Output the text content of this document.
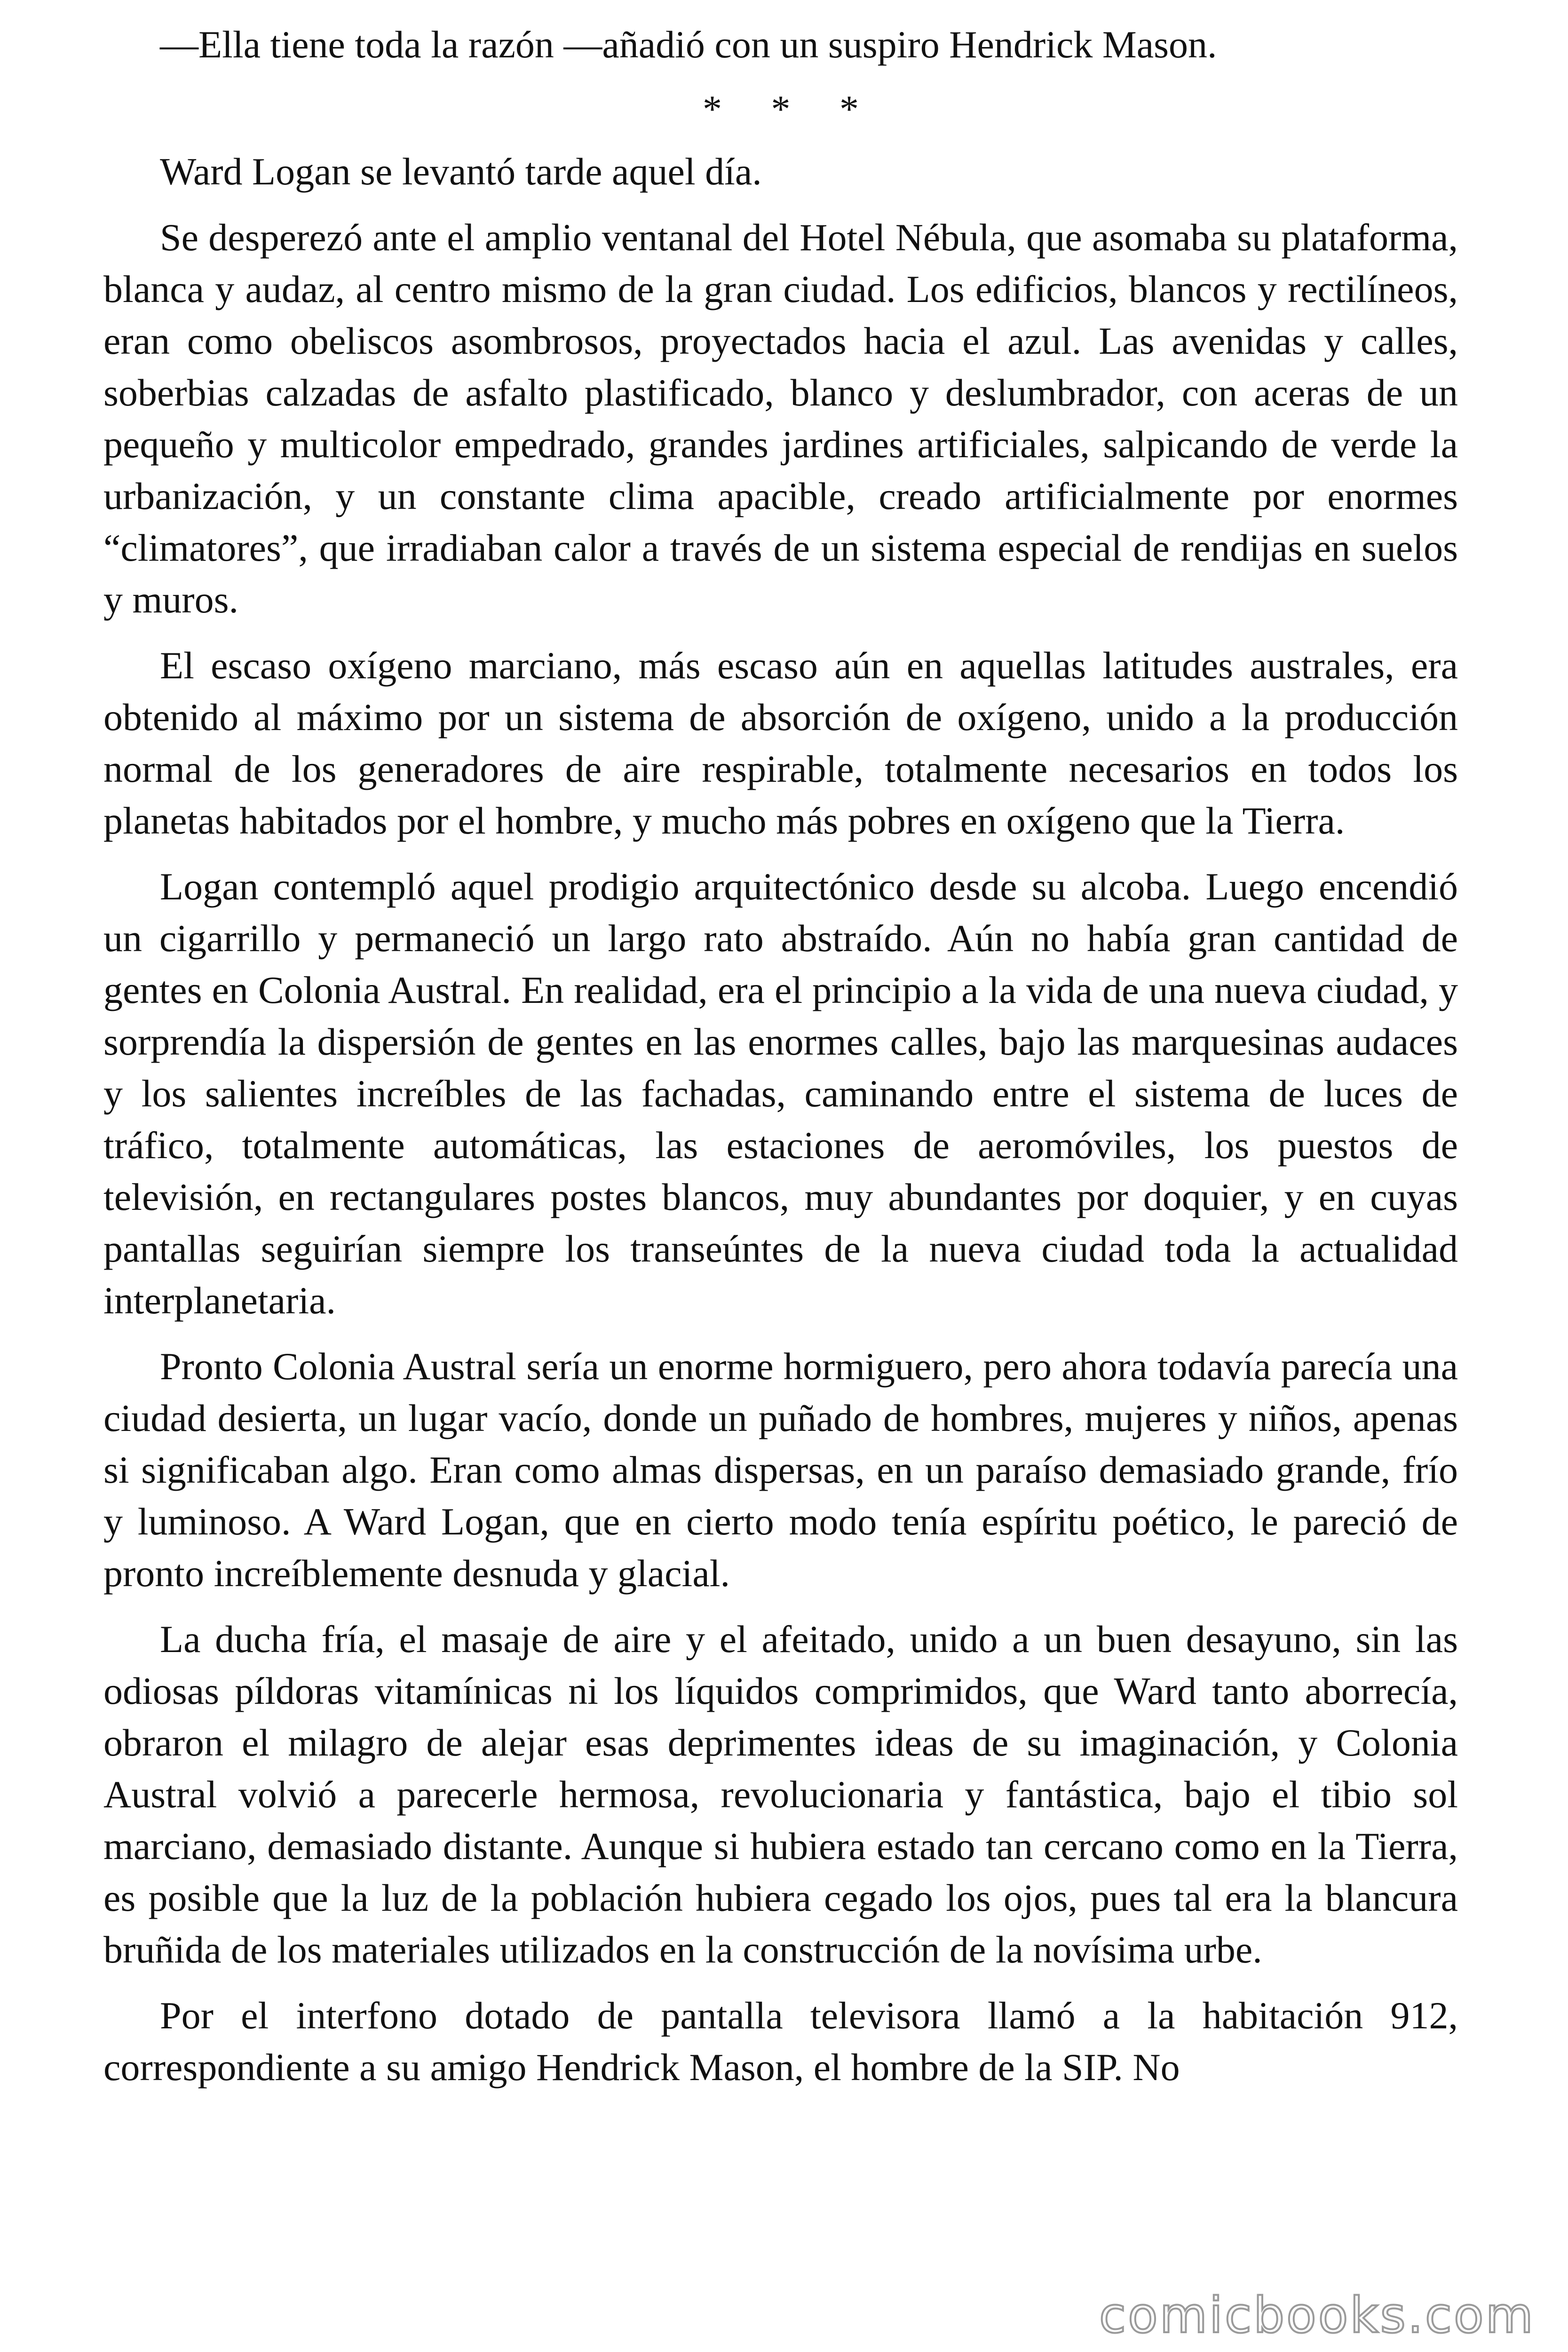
—Ella tiene toda la razón —añadió con un suspiro Hendrick Mason.

* * *

Ward Logan se levantó tarde aquel día.

Se desperezó ante el amplio ventanal del Hotel Nébula, que asomaba su plataforma, blanca y audaz, al centro mismo de la gran ciudad. Los edificios, blancos y rectilíneos, eran como obeliscos asombrosos, proyectados hacia el azul. Las avenidas y calles, soberbias calzadas de asfalto plastificado, blanco y deslumbrador, con aceras de un pequeño y multicolor empedrado, grandes jardines artificiales, salpicando de verde la urbanización, y un constante clima apacible, creado artificialmente por enormes “climatores”, que irradiaban calor a través de un sistema especial de rendijas en suelos y muros.

El escaso oxígeno marciano, más escaso aún en aquellas latitudes australes, era obtenido al máximo por un sistema de absorción de oxígeno, unido a la producción normal de los generadores de aire respirable, totalmente necesarios en todos los planetas habitados por el hombre, y mucho más pobres en oxígeno que la Tierra.

Logan contempló aquel prodigio arquitectónico desde su alcoba. Luego encendió un cigarrillo y permaneció un largo rato abstraído. Aún no había gran cantidad de gentes en Colonia Austral. En realidad, era el principio a la vida de una nueva ciudad, y sorprendía la dispersión de gentes en las enormes calles, bajo las marquesinas audaces y los salientes increíbles de las fachadas, caminando entre el sistema de luces de tráfico, totalmente automáticas, las estaciones de aeromóviles, los puestos de televisión, en rectangulares postes blancos, muy abundantes por doquier, y en cuyas pantallas seguirían siempre los transeúntes de la nueva ciudad toda la actualidad interplanetaria.

Pronto Colonia Austral sería un enorme hormiguero, pero ahora todavía parecía una ciudad desierta, un lugar vacío, donde un puñado de hombres, mujeres y niños, apenas si significaban algo. Eran como almas dispersas, en un paraíso demasiado grande, frío y luminoso. A Ward Logan, que en cierto modo tenía espíritu poético, le pareció de pronto increíblemente desnuda y glacial.

La ducha fría, el masaje de aire y el afeitado, unido a un buen desayuno, sin las odiosas píldoras vitamínicas ni los líquidos comprimidos, que Ward tanto aborrecía, obraron el milagro de alejar esas deprimentes ideas de su imaginación, y Colonia Austral volvió a parecerle hermosa, revolucionaria y fantástica, bajo el tibio sol marciano, demasiado distante. Aunque si hubiera estado tan cercano como en la Tierra, es posible que la luz de la población hubiera cegado los ojos, pues tal era la blancura bruñida de los materiales utilizados en la construcción de la novísima urbe.

Por el interfono dotado de pantalla televisora llamó a la habitación 912, correspondiente a su amigo Hendrick Mason, el hombre de la SIP. No

comicbooks.com
